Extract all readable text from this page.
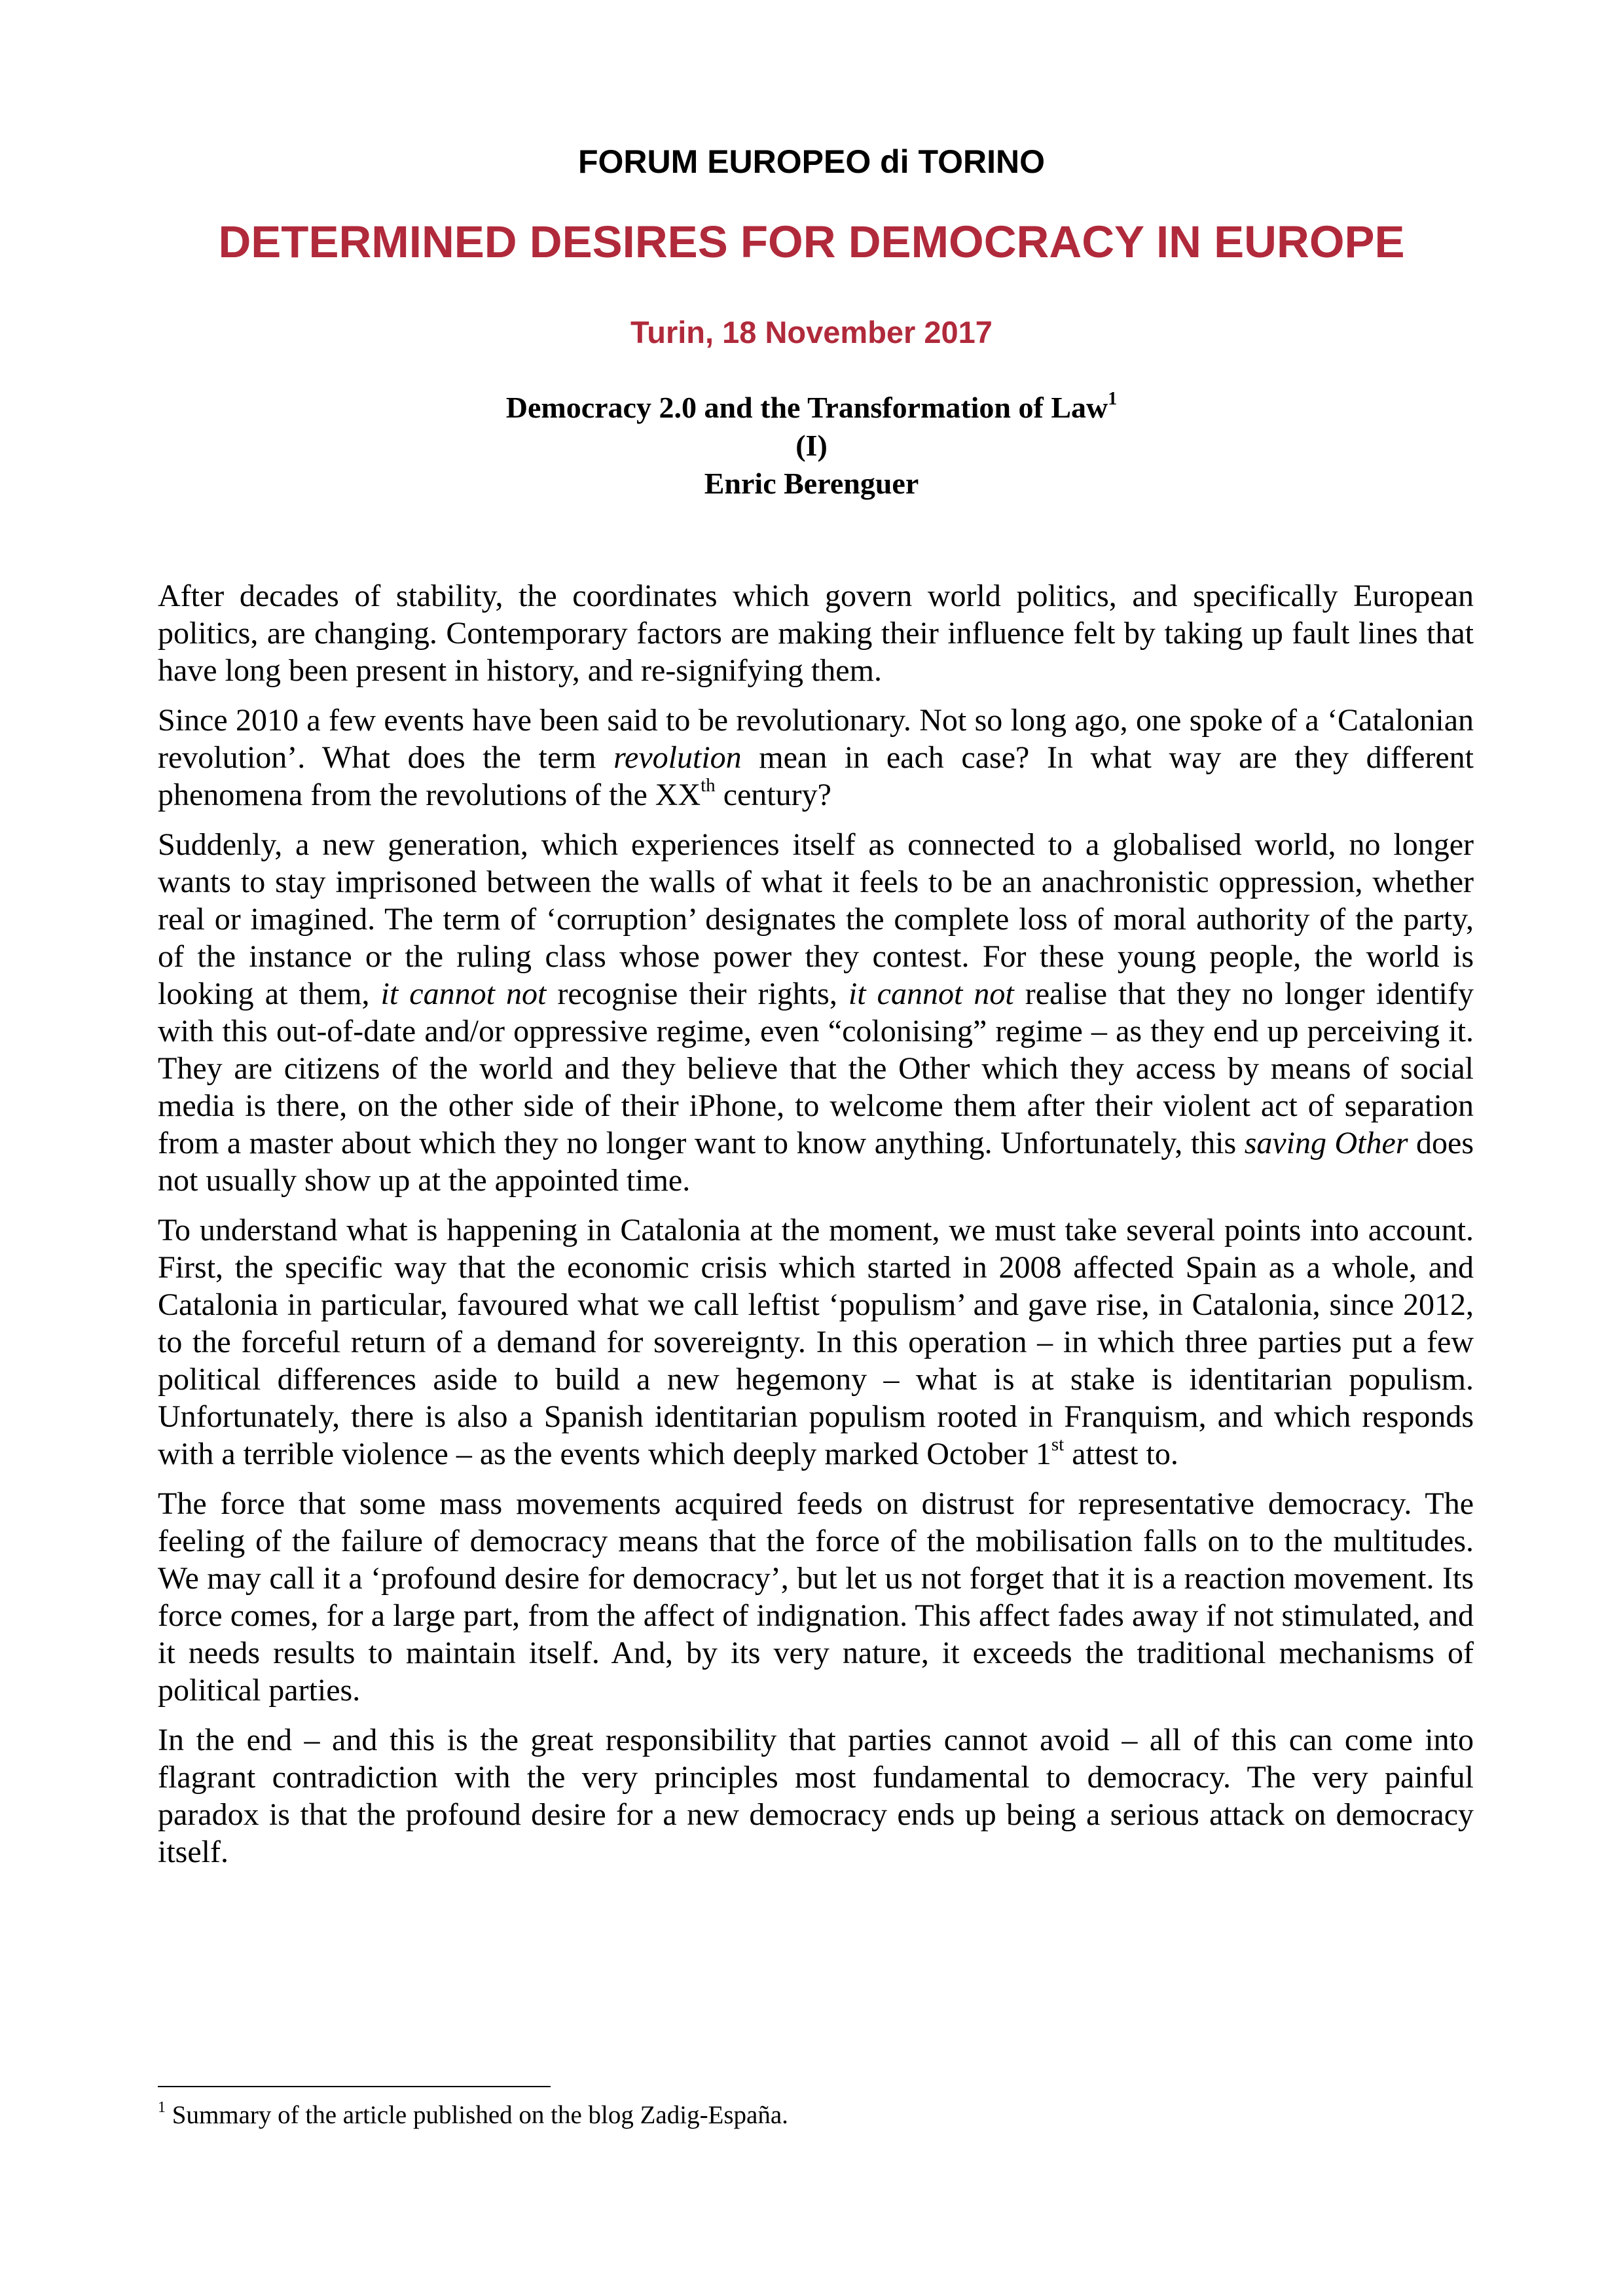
FORUM EUROPEO di TORINO
DETERMINED DESIRES FOR DEMOCRACY IN EUROPE
Turin, 18 November 2017
Democracy 2.0 and the Transformation of Law$^1$
(I)
Enric Berenguer

After decades of stability, the coordinates which govern world politics, and specifically European politics, are changing. Contemporary factors are making their influence felt by taking up fault lines that have long been present in history, and re-signifying them.

Since 2010 a few events have been said to be revolutionary. Not so long ago, one spoke of a ‘Catalonian revolution’. What does the term revolution mean in each case? In what way are they different phenomena from the revolutions of the XXth century?

Suddenly, a new generation, which experiences itself as connected to a globalised world, no longer wants to stay imprisoned between the walls of what it feels to be an anachronistic oppression, whether real or imagined. The term of ‘corruption’ designates the complete loss of moral authority of the party, of the instance or the ruling class whose power they contest. For these young people, the world is looking at them, it cannot not recognise their rights, it cannot not realise that they no longer identify with this out-of-date and/or oppressive regime, even “colonising” regime – as they end up perceiving it. They are citizens of the world and they believe that the Other which they access by means of social media is there, on the other side of their iPhone, to welcome them after their violent act of separation from a master about which they no longer want to know anything. Unfortunately, this saving Other does not usually show up at the appointed time.

To understand what is happening in Catalonia at the moment, we must take several points into account. First, the specific way that the economic crisis which started in 2008 affected Spain as a whole, and Catalonia in particular, favoured what we call leftist ‘populism’ and gave rise, in Catalonia, since 2012, to the forceful return of a demand for sovereignty. In this operation – in which three parties put a few political differences aside to build a new hegemony – what is at stake is identitarian populism. Unfortunately, there is also a Spanish identitarian populism rooted in Franquism, and which responds with a terrible violence – as the events which deeply marked October 1st attest to.

The force that some mass movements acquired feeds on distrust for representative democracy. The feeling of the failure of democracy means that the force of the mobilisation falls on to the multitudes. We may call it a ‘profound desire for democracy’, but let us not forget that it is a reaction movement. Its force comes, for a large part, from the affect of indignation. This affect fades away if not stimulated, and it needs results to maintain itself. And, by its very nature, it exceeds the traditional mechanisms of political parties.

In the end – and this is the great responsibility that parties cannot avoid – all of this can come into flagrant contradiction with the very principles most fundamental to democracy. The very painful paradox is that the profound desire for a new democracy ends up being a serious attack on democracy itself.

$^1$ Summary of the article published on the blog Zadig-España.
